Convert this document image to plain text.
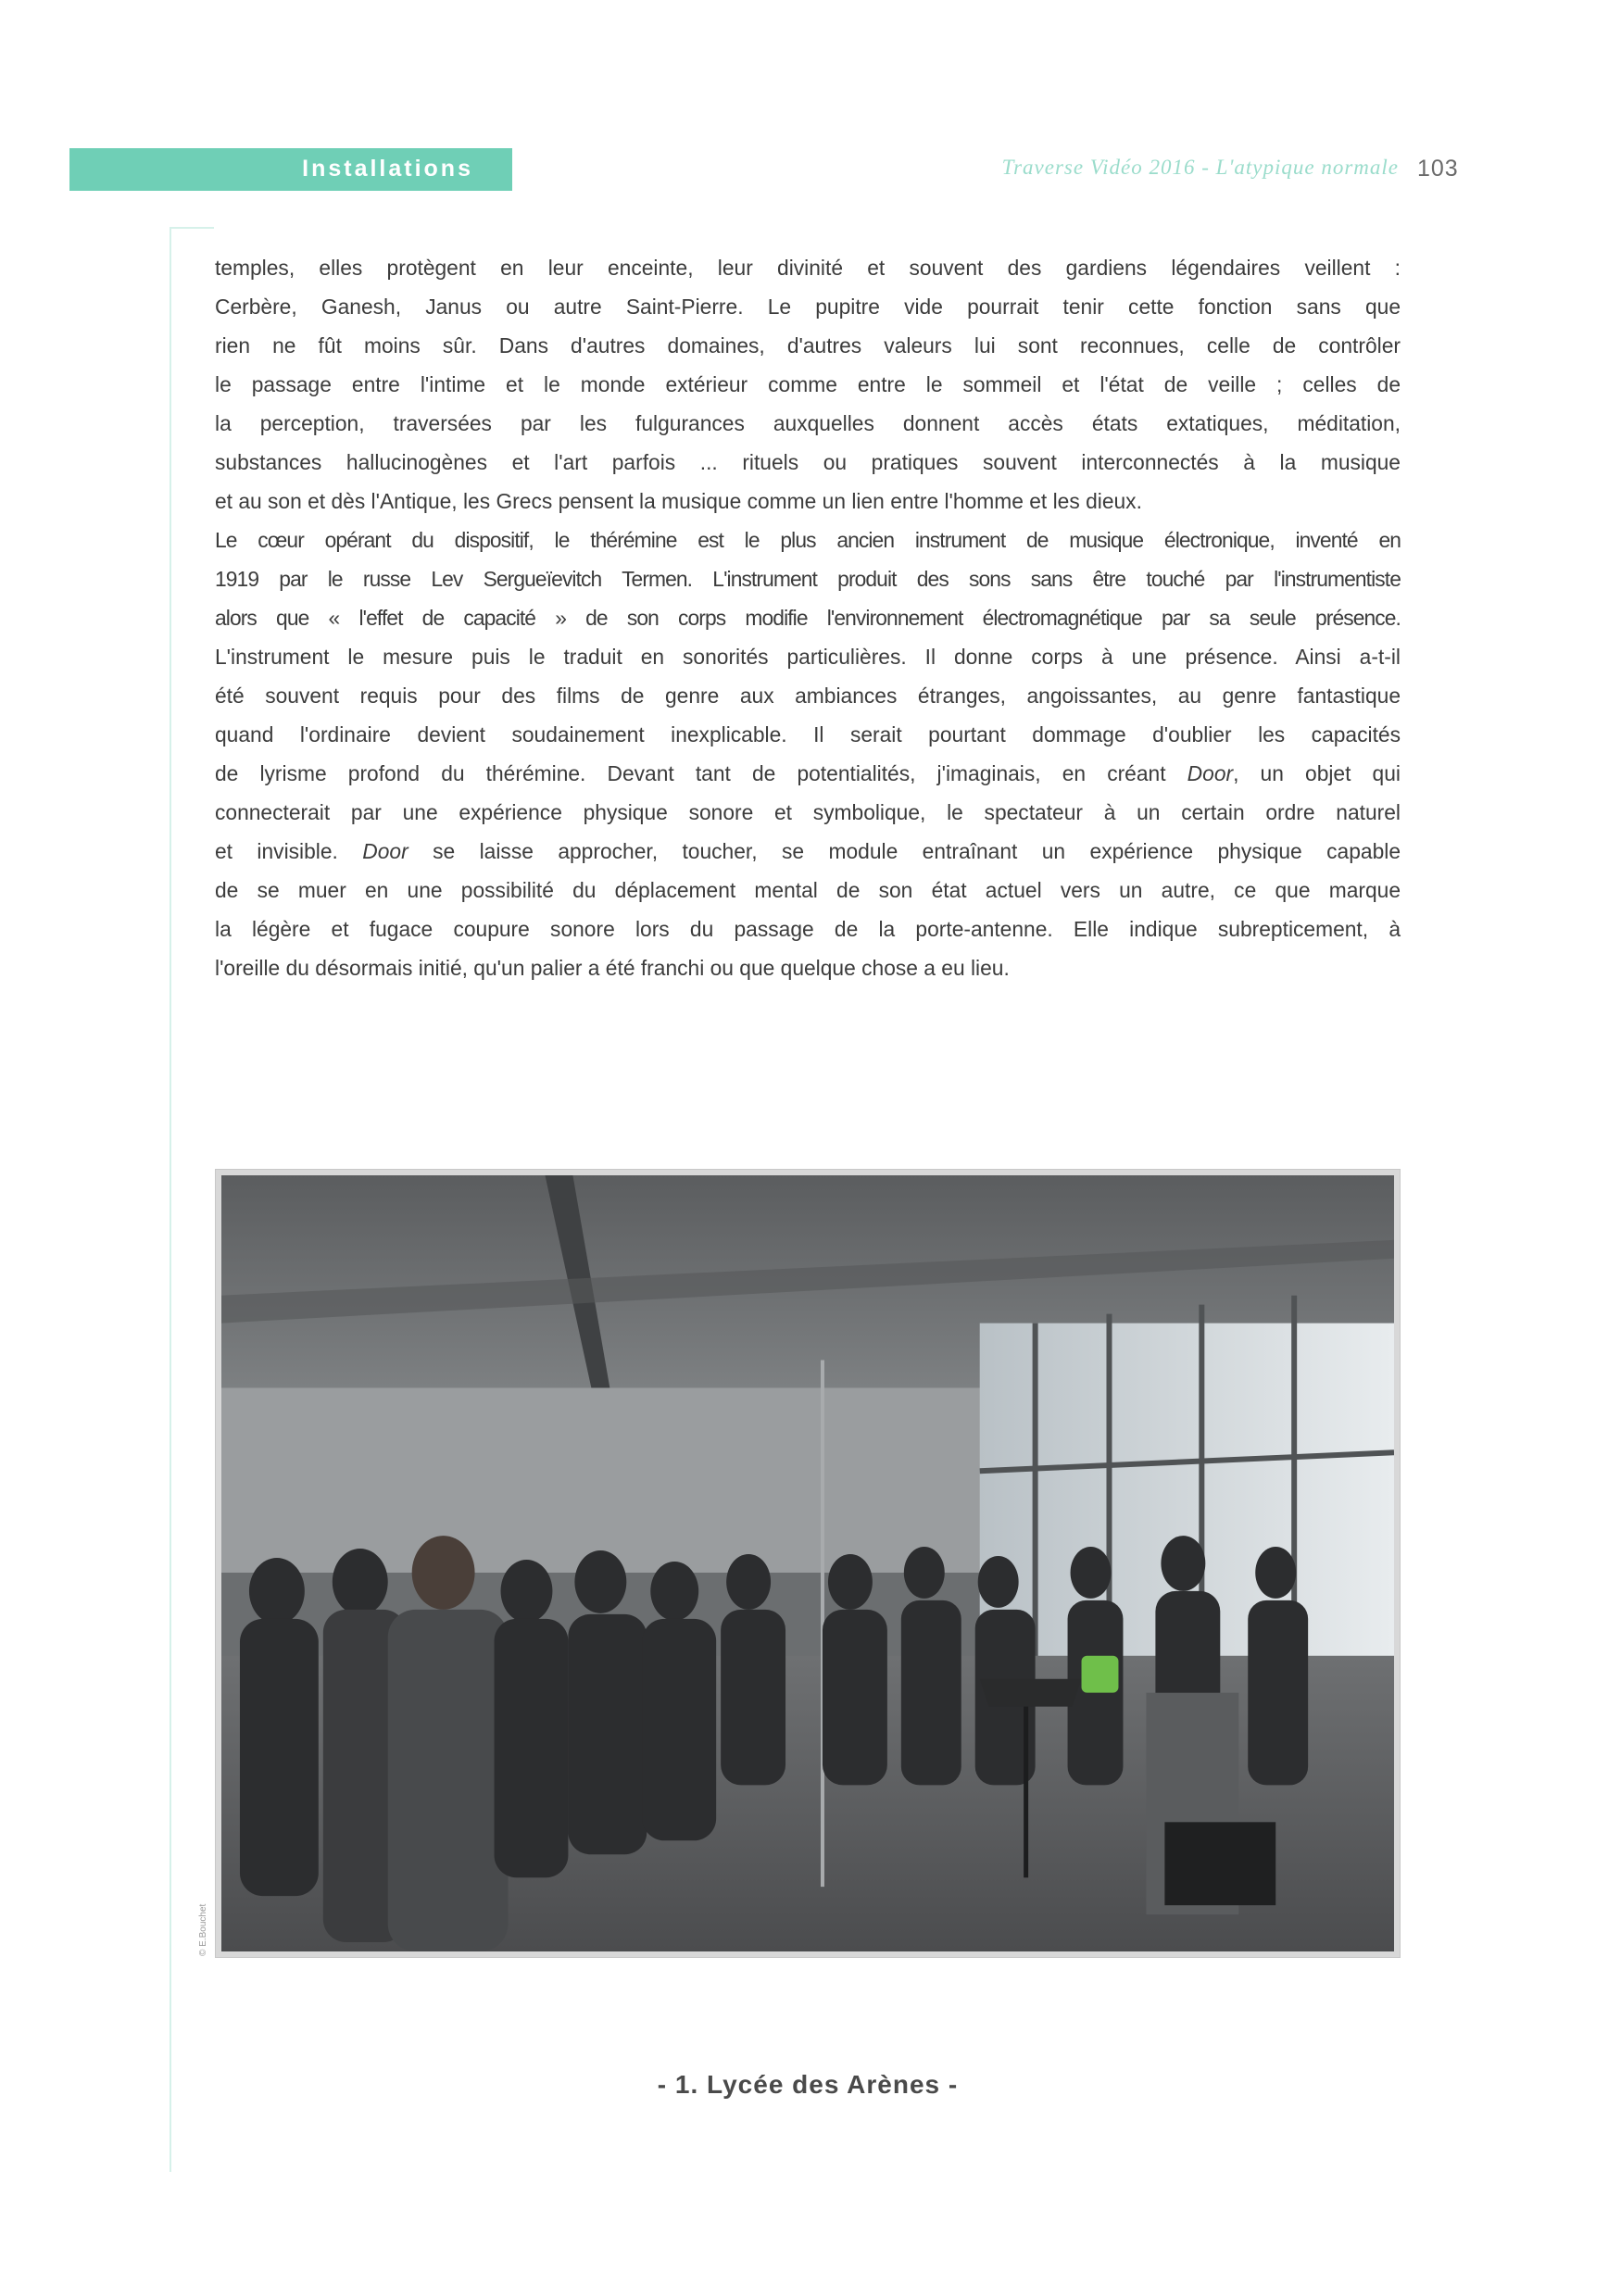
Installations	Traverse Vidéo 2016 - L'atypique normale 103

temples, elles protègent en leur enceinte, leur divinité et souvent des gardiens légendaires veillent :

Cerbère, Ganesh, Janus ou autre Saint-Pierre. Le pupitre vide pourrait tenir cette fonction sans que

rien ne fût moins sûr. Dans d'autres domaines, d'autres valeurs lui sont reconnues, celle de contrôler

le passage entre l'intime et le monde extérieur comme entre le sommeil et l'état de veille ; celles de

la perception, traversées par les fulgurances auxquelles donnent accès états extatiques, méditation,

substances hallucinogènes et l'art parfois ... rituels ou pratiques souvent interconnectés à la musique

et au son et dès l'Antique, les Grecs pensent la musique comme un lien entre l'homme et les dieux.

Le cœur opérant du dispositif, le thérémine est le plus ancien instrument de musique électronique, inventé en

1919 par le russe Lev Sergueïevitch Termen. L'instrument produit des sons sans être touché par l'instrumentiste

alors que « l'effet de capacité » de son corps modifie l'environnement électromagnétique par sa seule présence.

L'instrument le mesure puis le traduit en sonorités particulières. Il donne corps à une présence. Ainsi a-t-il

été souvent requis pour des films de genre aux ambiances étranges, angoissantes, au genre fantastique

quand l'ordinaire devient soudainement inexplicable. Il serait pourtant dommage d'oublier les capacités

de lyrisme profond du thérémine. Devant tant de potentialités, j'imaginais, en créant Door, un objet qui

connecterait par une expérience physique sonore et symbolique, le spectateur à un certain ordre naturel

et invisible. Door se laisse approcher, toucher, se module entraînant un expérience physique capable

de se muer en une possibilité du déplacement mental de son état actuel vers un autre, ce que marque

la légère et fugace coupure sonore lors du passage de la porte-antenne. Elle indique subrepticement, à

l'oreille du désormais initié, qu'un palier a été franchi ou que quelque chose a eu lieu.

© E.Bouchet
- 1. Lycée des Arènes -
